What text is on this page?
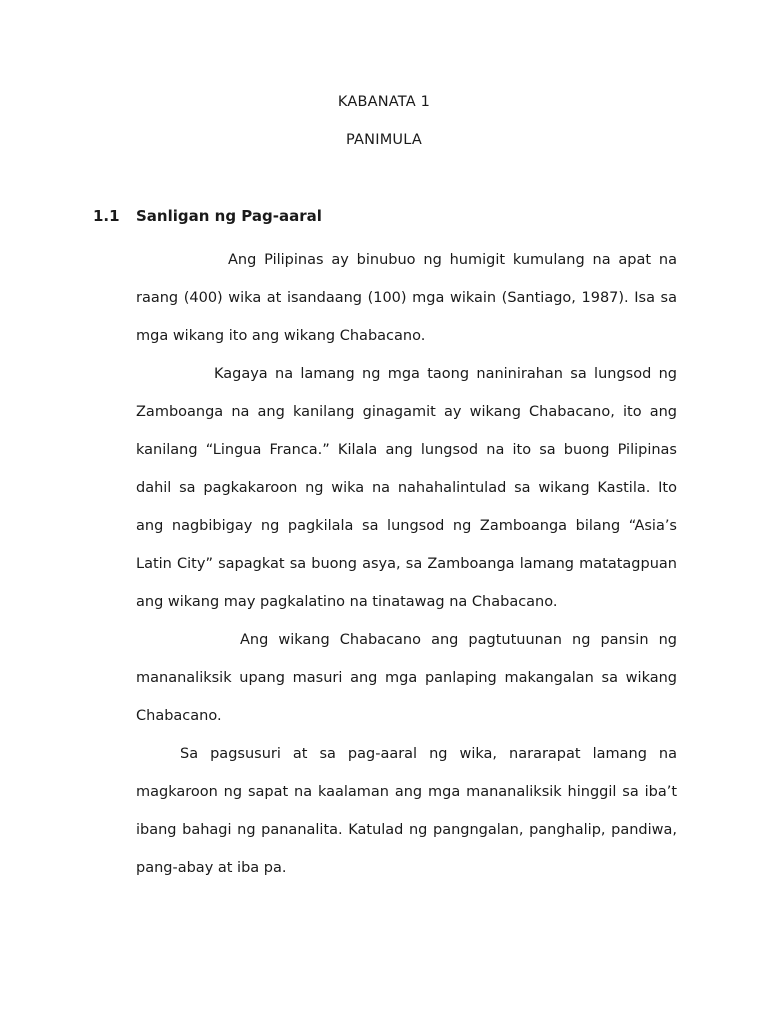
KABANATA 1
PANIMULA
1.1 Sanligan ng Pag-aaral

Ang Pilipinas ay binubuo ng humigit kumulang na apat na raang (400) wika at isandaang (100) mga wikain (Santiago, 1987). Isa sa mga wikang ito ang wikang Chabacano.

Kagaya na lamang ng mga taong naninirahan sa lungsod ng Zamboanga na ang kanilang ginagamit ay wikang Chabacano, ito ang kanilang “Lingua Franca.” Kilala ang lungsod na ito sa buong Pilipinas dahil sa pagkakaroon ng wika na nahahalintulad sa wikang Kastila. Ito ang nagbibigay ng pagkilala sa lungsod ng Zamboanga bilang “Asia’s Latin City” sapagkat sa buong asya, sa Zamboanga lamang matatagpuan ang wikang may pagkalatino na tinatawag na Chabacano.

Ang wikang Chabacano ang pagtutuunan ng pansin ng mananaliksik upang masuri ang mga panlaping makangalan sa wikang Chabacano.

Sa pagsusuri at sa pag-aaral ng wika, nararapat lamang na magkaroon ng sapat na kaalaman ang mga mananaliksik hinggil sa iba’t ibang bahagi ng pananalita. Katulad ng pangngalan, panghalip, pandiwa, pang-abay at iba pa.
